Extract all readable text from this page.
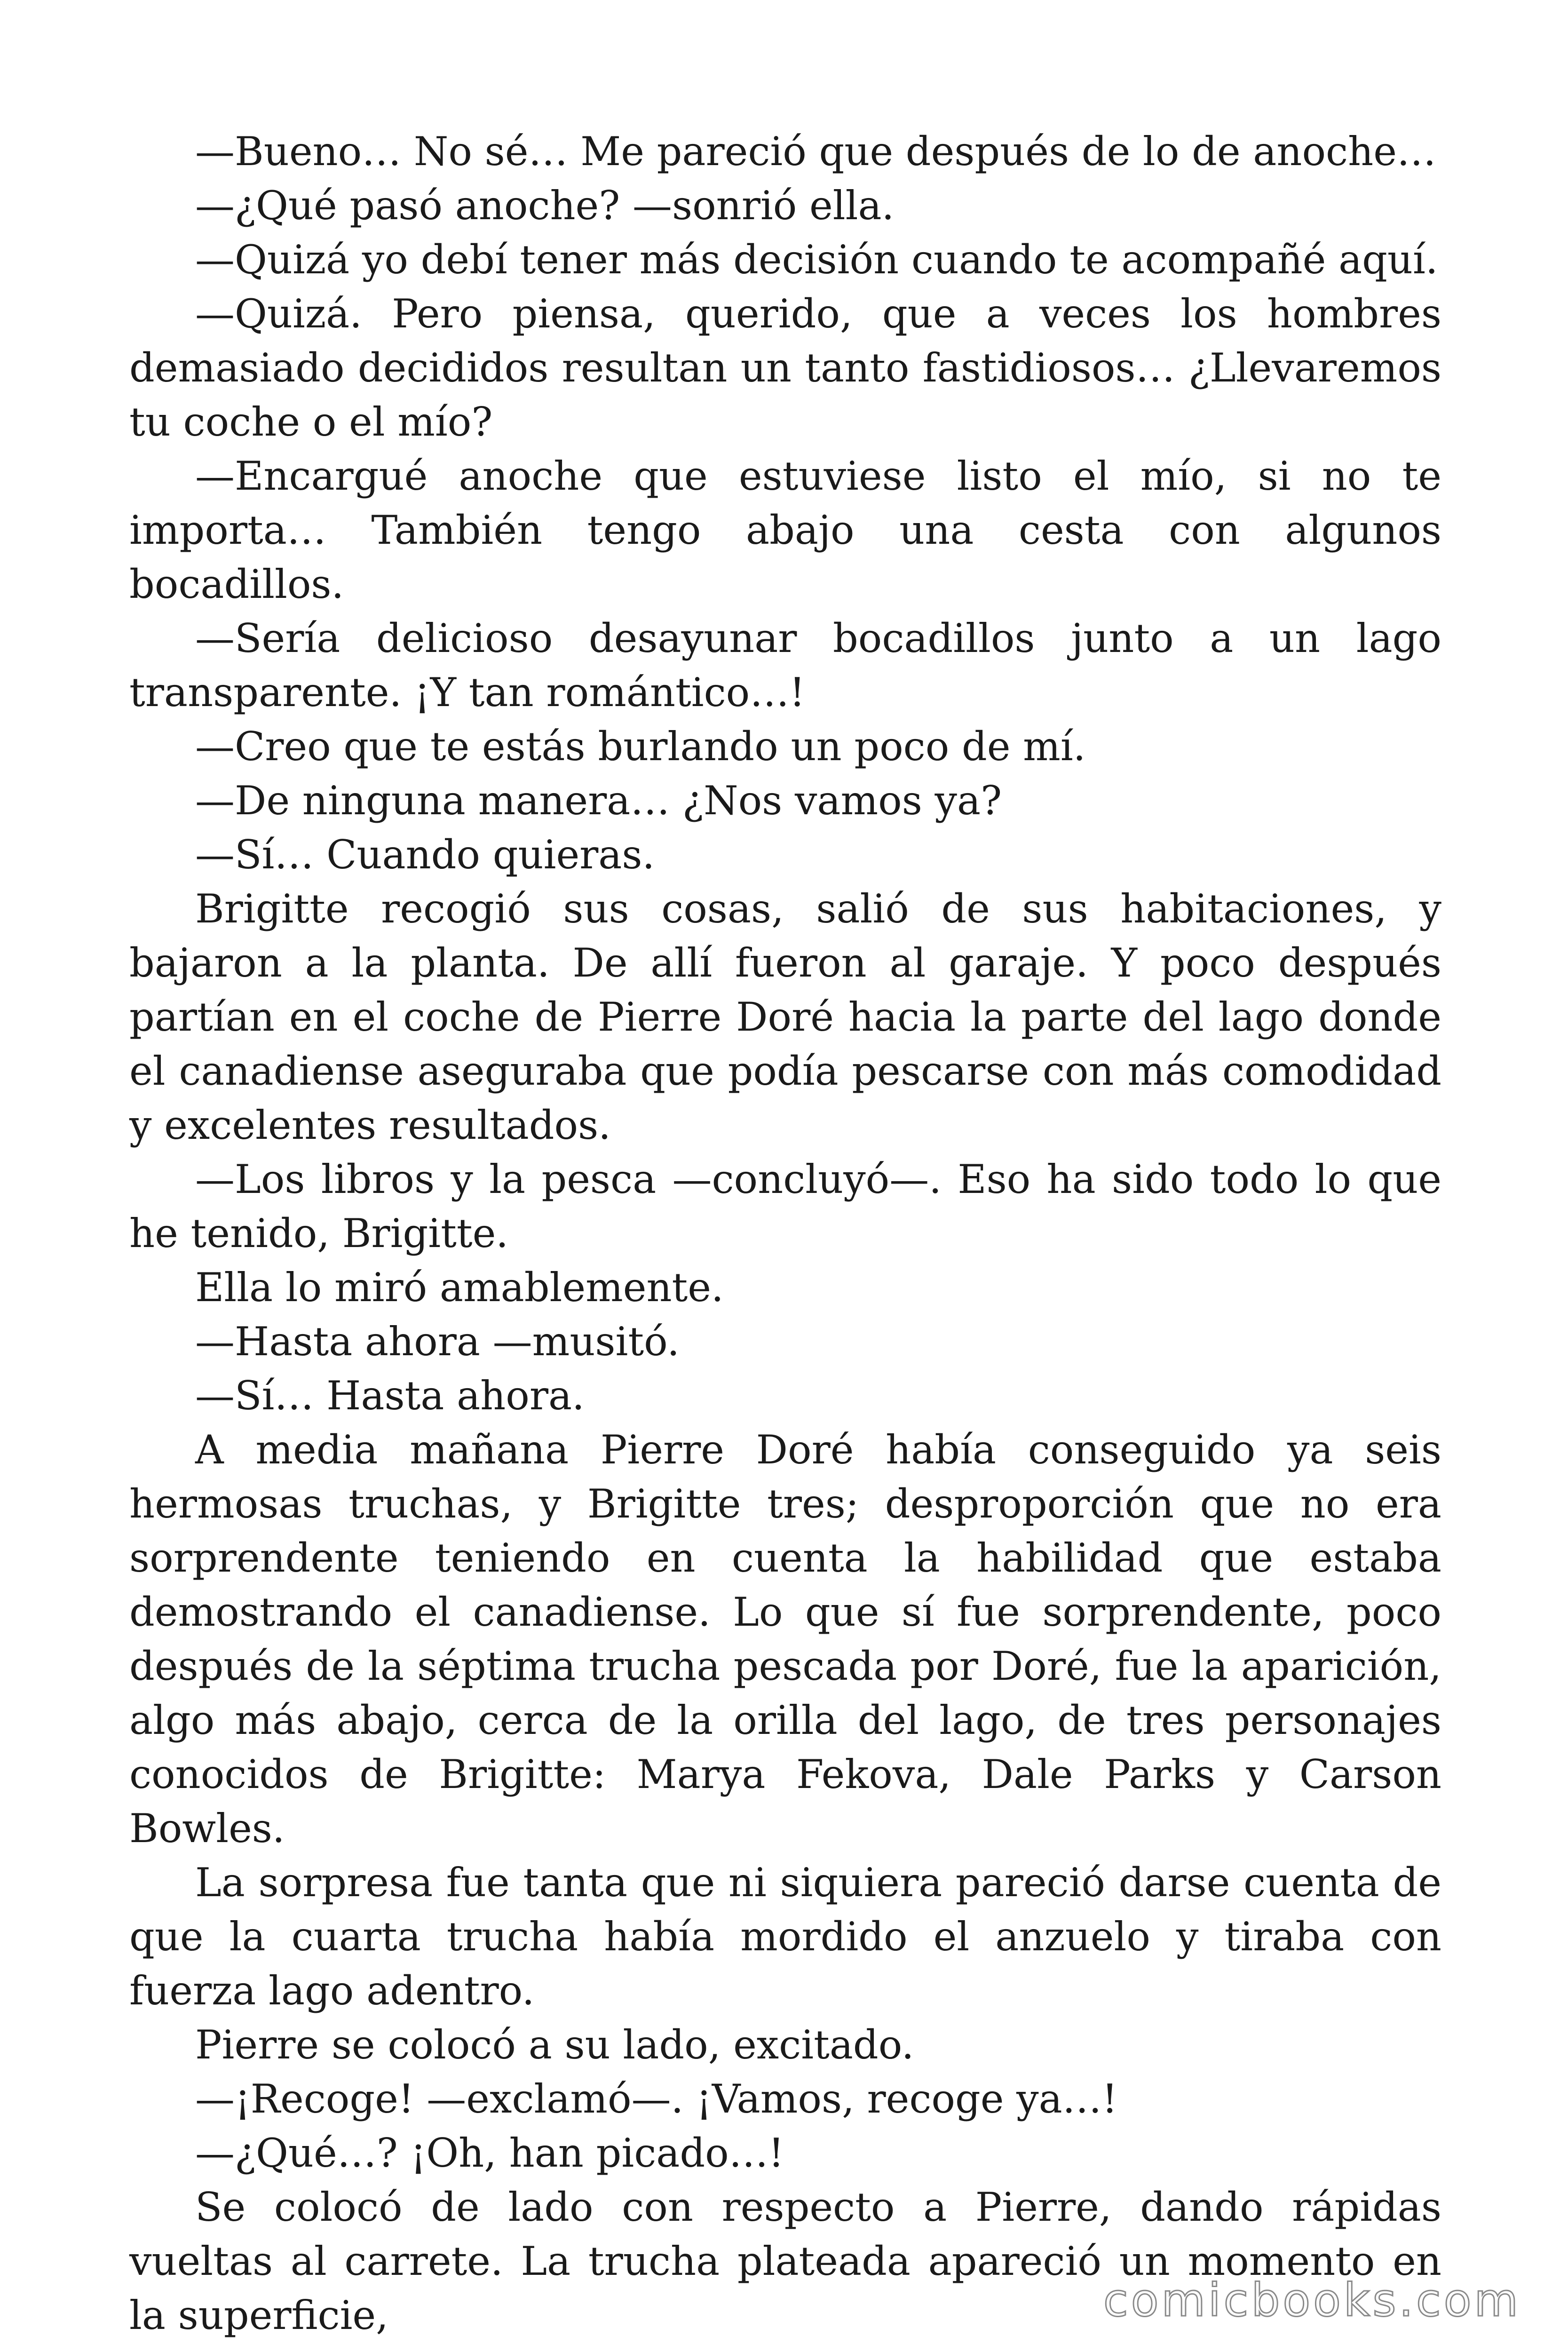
—Bueno… No sé… Me pareció que después de lo de anoche…

—¿Qué pasó anoche? —sonrió ella.

—Quizá yo debí tener más decisión cuando te acompañé aquí.

—Quizá. Pero piensa, querido, que a veces los hombres demasiado decididos resultan un tanto fastidiosos… ¿Llevaremos tu coche o el mío?

—Encargué anoche que estuviese listo el mío, si no te importa… También tengo abajo una cesta con algunos bocadillos.

—Sería delicioso desayunar bocadillos junto a un lago transparente. ¡Y tan romántico…!

—Creo que te estás burlando un poco de mí.

—De ninguna manera… ¿Nos vamos ya?

—Sí… Cuando quieras.

Brigitte recogió sus cosas, salió de sus habitaciones, y bajaron a la planta. De allí fueron al garaje. Y poco después partían en el coche de Pierre Doré hacia la parte del lago donde el canadiense aseguraba que podía pescarse con más comodidad y excelentes resultados.

—Los libros y la pesca —concluyó—. Eso ha sido todo lo que he tenido, Brigitte.

Ella lo miró amablemente.

—Hasta ahora —musitó.

—Sí… Hasta ahora.

A media mañana Pierre Doré había conseguido ya seis hermosas truchas, y Brigitte tres; desproporción que no era sorprendente teniendo en cuenta la habilidad que estaba demostrando el canadiense. Lo que sí fue sorprendente, poco después de la séptima trucha pescada por Doré, fue la aparición, algo más abajo, cerca de la orilla del lago, de tres personajes conocidos de Brigitte: Marya Fekova, Dale Parks y Carson Bowles.

La sorpresa fue tanta que ni siquiera pareció darse cuenta de que la cuarta trucha había mordido el anzuelo y tiraba con fuerza lago adentro.

Pierre se colocó a su lado, excitado.

—¡Recoge! —exclamó—. ¡Vamos, recoge ya…!

—¿Qué…? ¡Oh, han picado…!

Se colocó de lado con respecto a Pierre, dando rápidas vueltas al carrete. La trucha plateada apareció un momento en la superficie,	comicbooks.com
